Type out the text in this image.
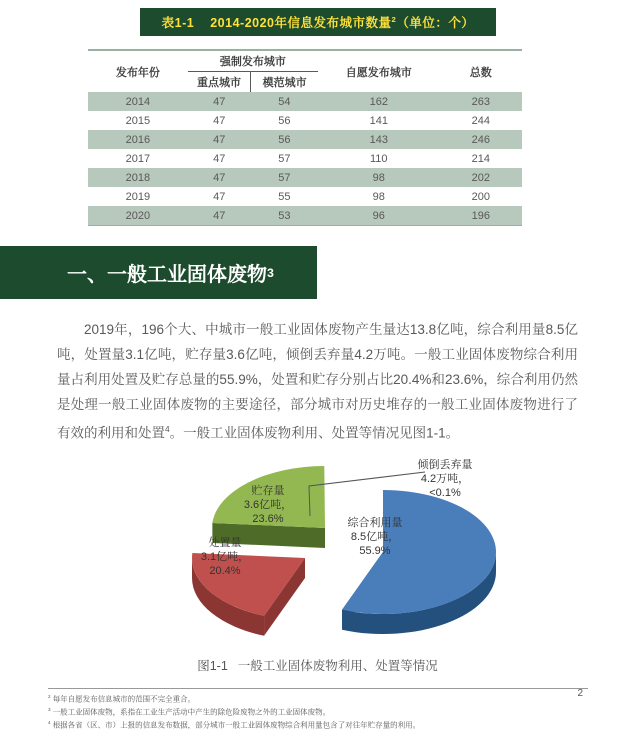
表1-1 2014-2020年信息发布城市数量$^2$（单位：个）
发布年份	强制发布城市		自愿发布城市	总数
	重点城市	模范城市		
2014	47	54	162	263
2015	47	56	141	244
2016	47	56	143	246
2017	47	57	110	214
2018	47	57	98	202
2019	47	55	98	200
2020	47	53	96	196
一、一般工业固体废物 3

2019年，196个大、中城市一般工业固体废物产生量达13.8亿吨，综合利用量8.5亿吨，处置量3.1亿吨，贮存量3.6亿吨，倾倒丢弃量4.2万吨。一般工业固体废物综合利用量占利用处置及贮存总量的55.9%，处置和贮存分别占比20.4%和23.6%，综合利用仍然是处理一般工业固体废物的主要途径，部分城市对历史堆存的一般工业固体废物进行了有效的利用和处置$^4$。一般工业固体废物利用、处置等情况见图1-1。

综合利用量
8.5亿吨，
55.9%
处置量
3.1亿吨，
20.4%
贮存量
3.6亿吨，
23.6%
倾倒丢弃量
4.2万吨，
<0.1%
图1-1 一般工业固体废物利用、处置等情况
$^2$ 每年自愿发布信息城市的范围不完全重合。
$^3$ 一般工业固体废物，系指在工业生产活动中产生的除危险废物之外的工业固体废物。
$^4$ 根据各省（区、市）上报的信息发布数据，部分城市一般工业固体废物综合利用量包含了对往年贮存量的利用。
2
